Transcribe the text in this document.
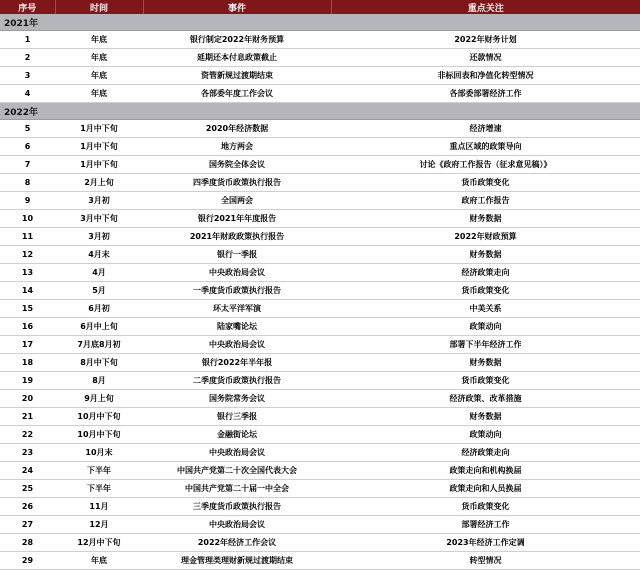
序号	时间	事件	重点关注
2021年			
1	年底	银行制定2022年财务预算	2022年财务计划
2	年底	延期还本付息政策截止	还款情况
3	年底	资管新规过渡期结束	非标回表和净值化转型情况
4	年底	各部委年度工作会议	各部委部署经济工作
2022年			
5	1月中下旬	2020年经济数据	经济增速
6	1月中下旬	地方两会	重点区域的政策导向
7	1月中下旬	国务院全体会议	讨论《政府工作报告（征求意见稿）》
8	2月上旬	四季度货币政策执行报告	货币政策变化
9	3月初	全国两会	政府工作报告
10	3月中下旬	银行2021年年度报告	财务数据
11	3月初	2021年财政政策执行报告	2022年财政预算
12	4月末	银行一季报	财务数据
13	4月	中央政治局会议	经济政策走向
14	5月	一季度货币政策执行报告	货币政策变化
15	6月初	环太平洋军演	中美关系
16	6月中上旬	陆家嘴论坛	政策动向
17	7月底8月初	中央政治局会议	部署下半年经济工作
18	8月中下旬	银行2022年半年报	财务数据
19	8月	二季度货币政策执行报告	货币政策变化
20	9月上旬	国务院常务会议	经济政策、改革措施
21	10月中下旬	银行三季报	财务数据
22	10月中下旬	金融街论坛	政策动向
23	10月末	中央政治局会议	经济政策走向
24	下半年	中国共产党第二十次全国代表大会	政策走向和机构换届
25	下半年	中国共产党第二十届一中全会	政策走向和人员换届
26	11月	三季度货币政策执行报告	货币政策变化
27	12月	中央政治局会议	部署经济工作
28	12月中下旬	2022年经济工作会议	2023年经济工作定调
29	年底	理金管理类理财新规过渡期结束	转型情况
